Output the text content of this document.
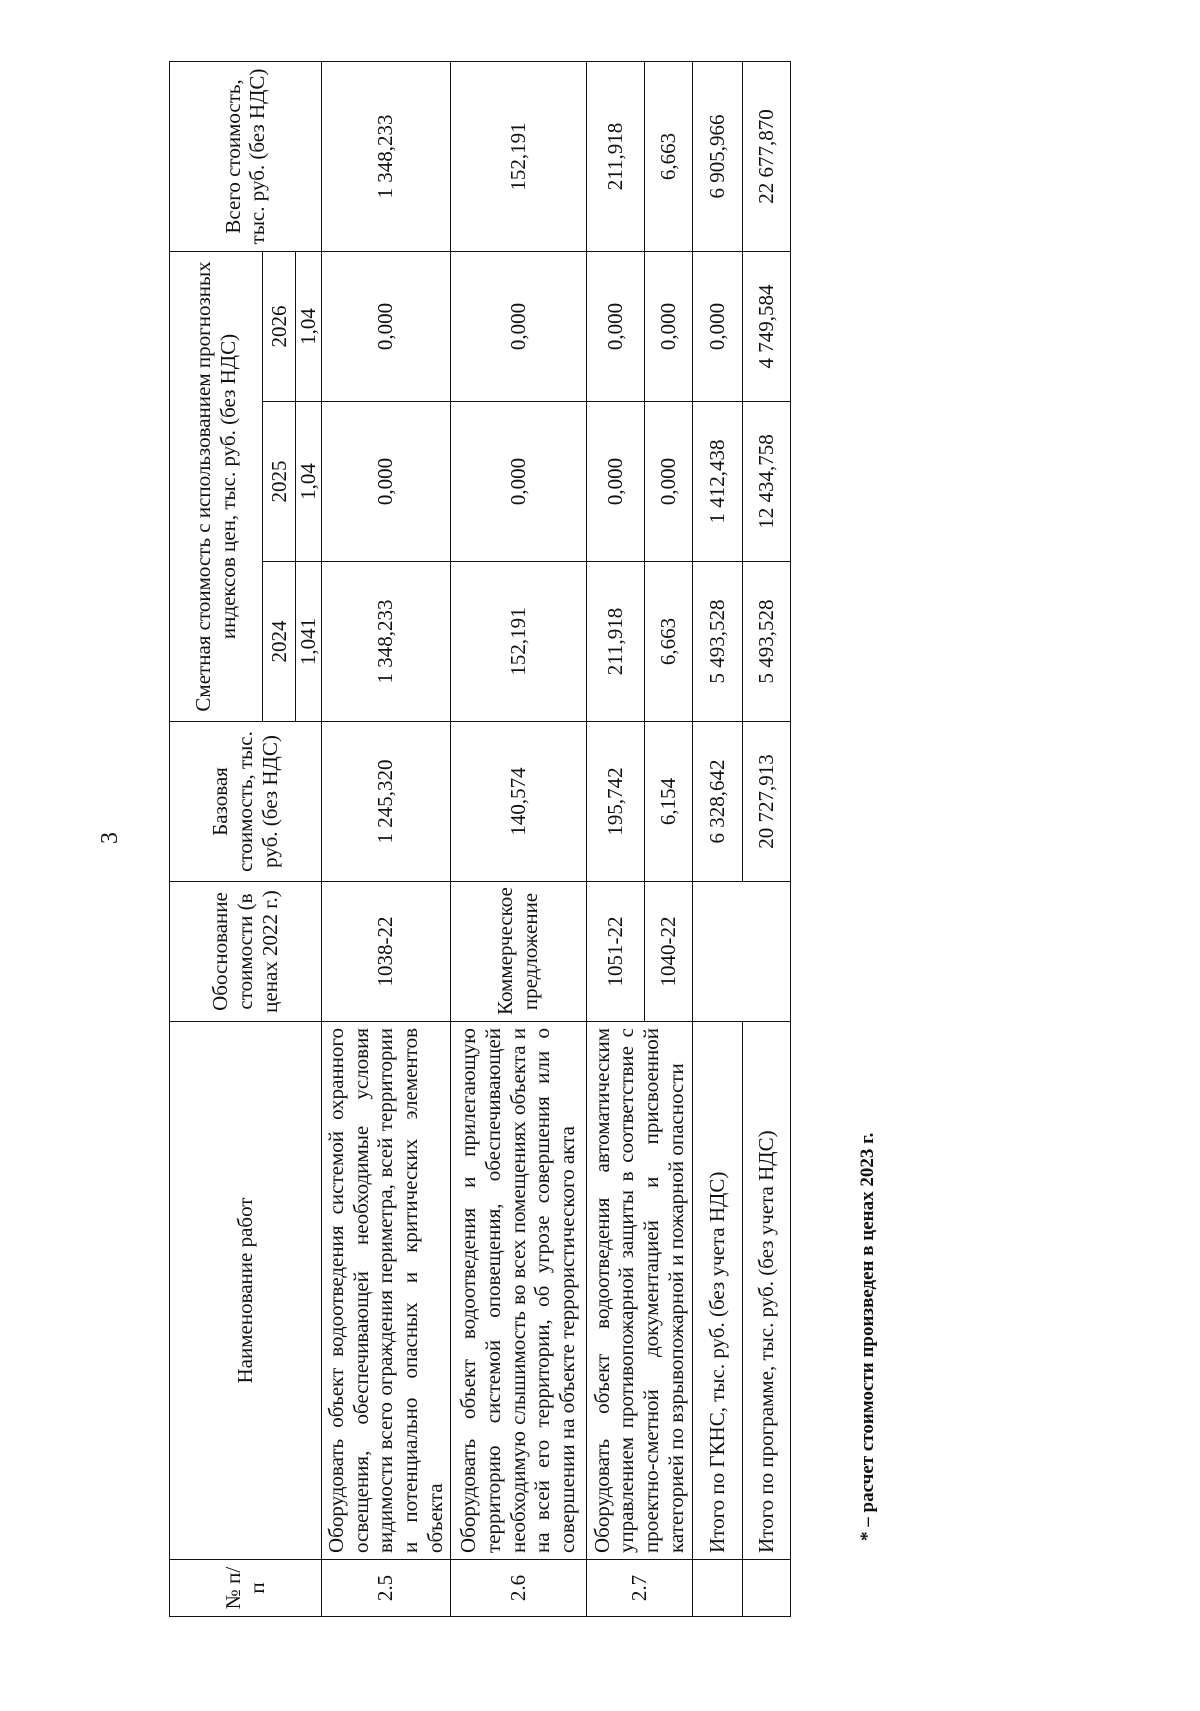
3
№ п/ п	Наименование работ	Обоснование стоимости (в ценах 2022 г.)	Базовая стоимость, тыс. руб. (без НДС)	Сметная стоимость с использованием прогнозных индексов цен, тыс. руб. (без НДС)			Всего стоимость, тыс. руб. (без НДС)
				2024	2025	2026	
				1,041	1,04	1,04	
2.5	Оборудовать объект водоотведения системой охранного освещения, обеспечивающей необходимые условия видимости всего ограждения периметра, всей территории и потенциально опасных и критических элементов объекта	1038-22	1 245,320	1 348,233	0,000	0,000	1 348,233
2.6	Оборудовать объект водоотведения и прилегающую территорию системой оповещения, обеспечивающей необходимую слышимость во всех помещениях объекта и на всей его территории, об угрозе совершения или о совершении на объекте террористического акта	Коммерческое предложение	140,574	152,191	0,000	0,000	152,191
2.7	Оборудовать объект водоотведения автоматическим управлением противопожарной защиты в соответствие с проектно-сметной документацией и присвоенной категорией по взрывопожарной и пожарной опасности	1051-22	195,742	211,918	0,000	0,000	211,918
		1040-22	6,154	6,663	0,000	0,000	6,663
	Итого по ГКНС, тыс. руб. (без учета НДС)		6 328,642	5 493,528	1 412,438	0,000	6 905,966
	Итого по программе, тыс. руб. (без учета НДС)		20 727,913	5 493,528	12 434,758	4 749,584	22 677,870
* – расчет стоимости произведен в ценах 2023 г.
